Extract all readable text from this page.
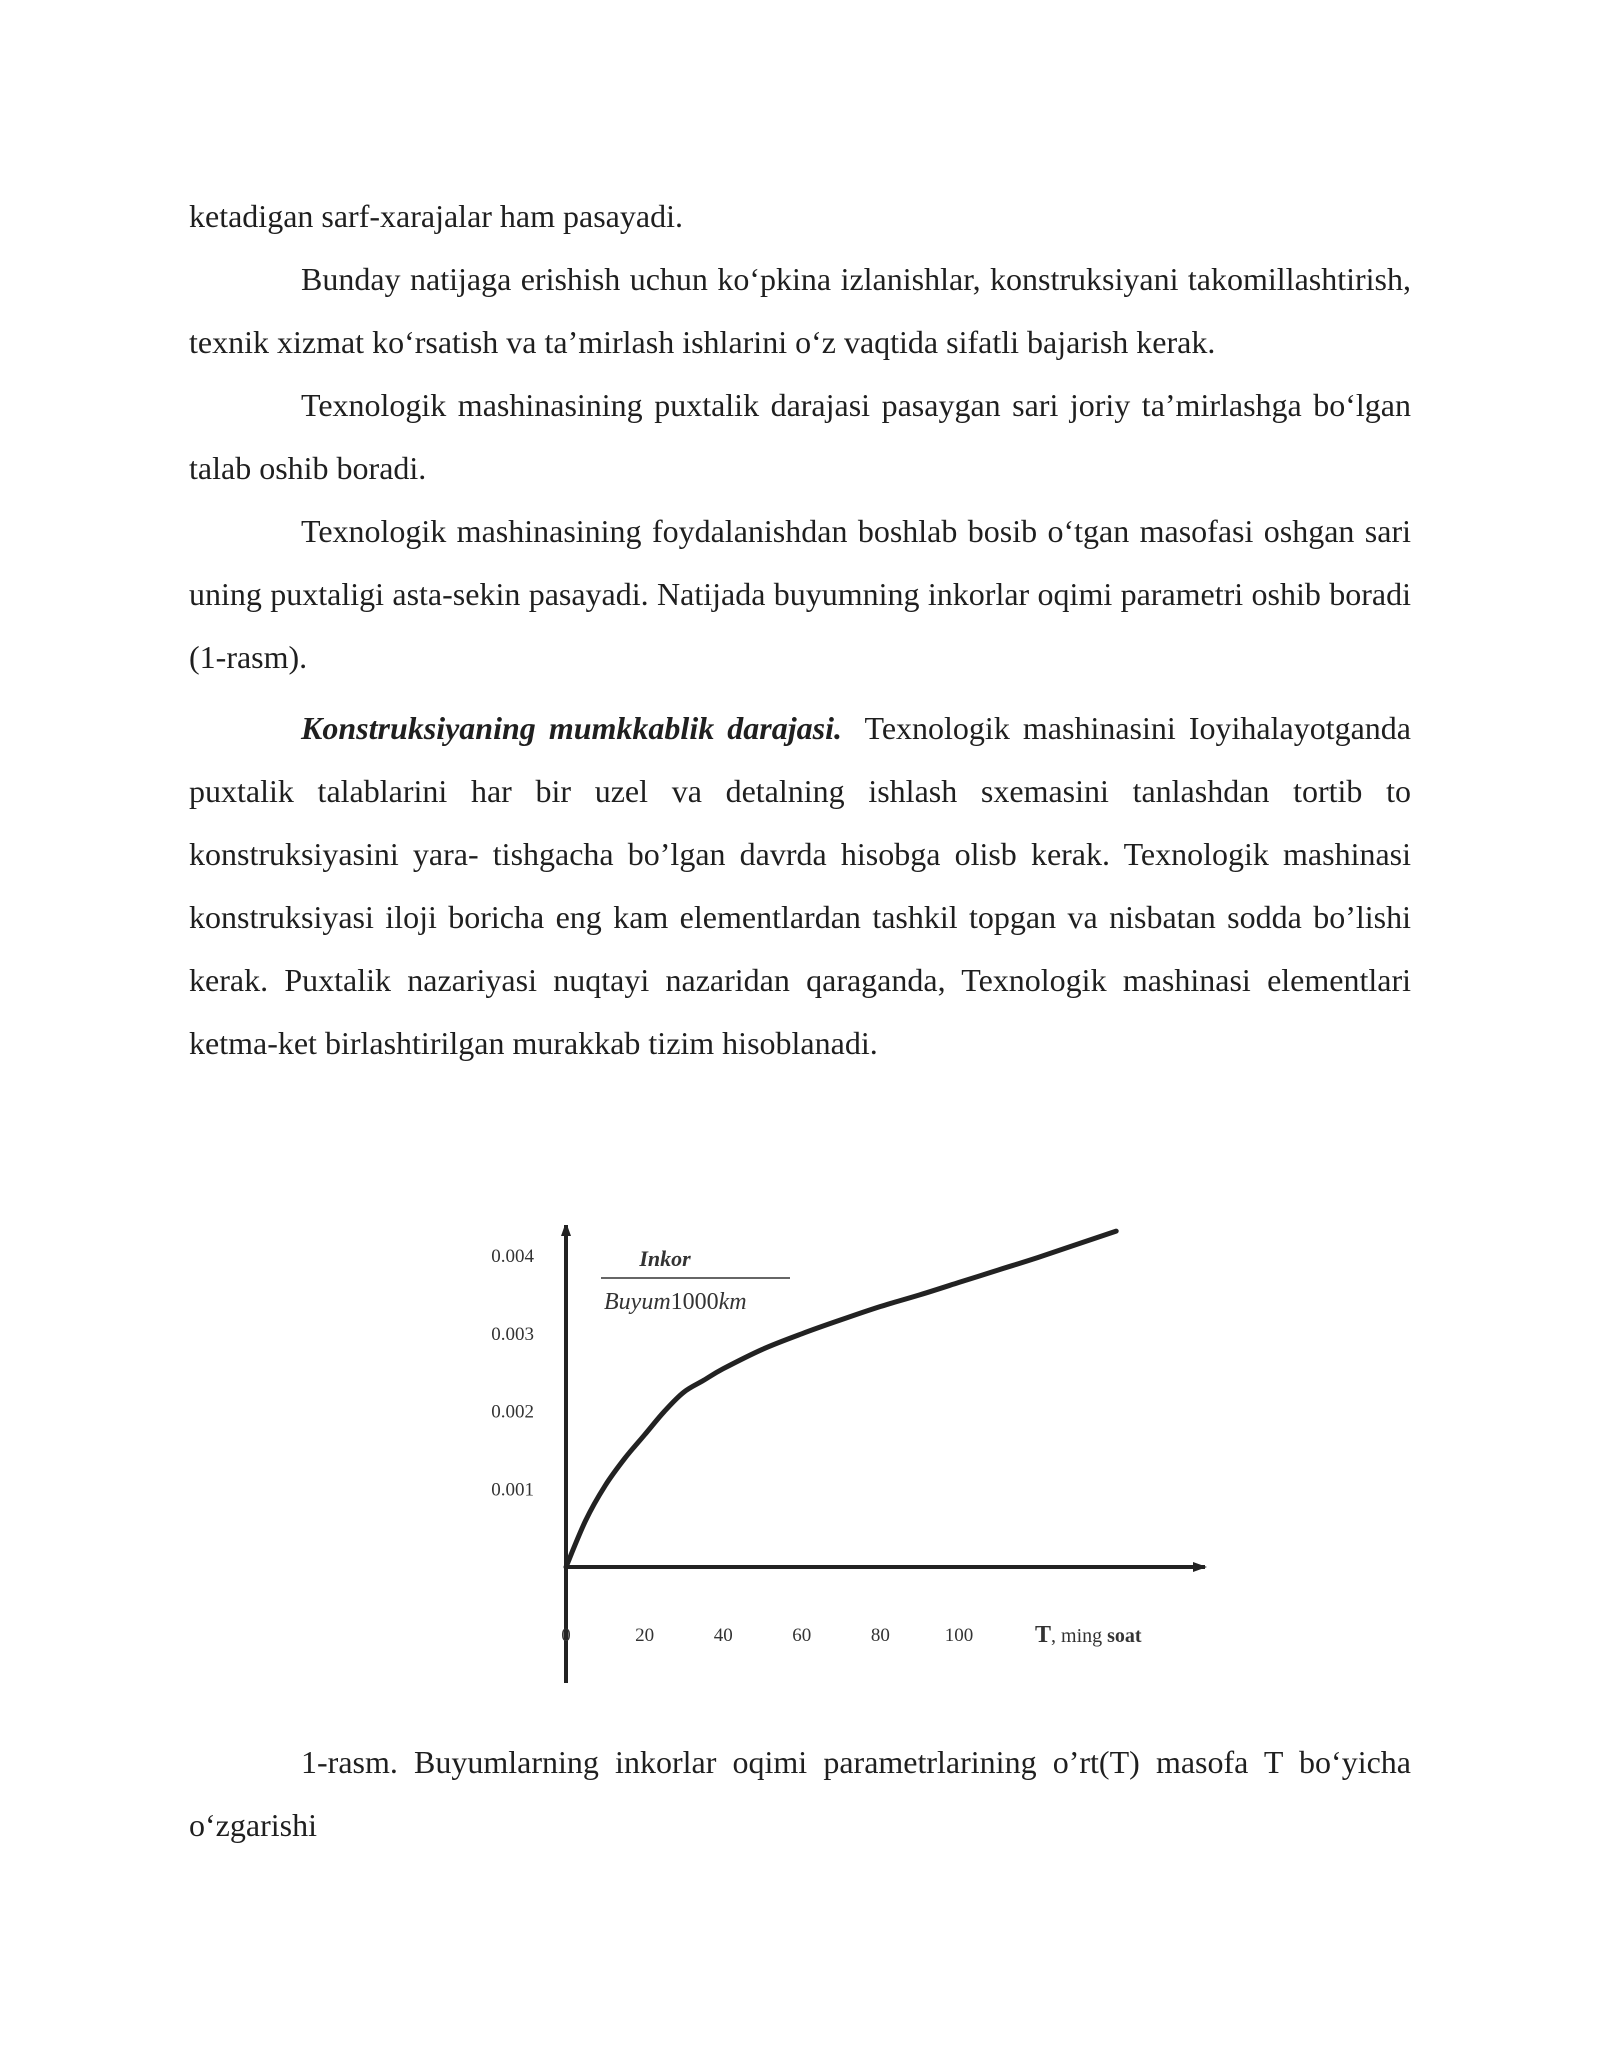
ketadigan sarf-xarajalar ham pasayadi.

Bunday natijaga erishish uchun ko‘pkina izlanishlar, konstruksiyani takomillashtirish, texnik xizmat ko‘rsatish va ta’mirlash ishlarini o‘z vaqtida sifatli bajarish kerak.

Texnologik mashinasining puxtalik darajasi pasaygan sari joriy ta’mirlashga bo‘lgan talab oshib boradi.

Texnologik mashinasining foydalanishdan boshlab bosib o‘tgan masofasi oshgan sari uning puxtaligi asta-sekin pasayadi. Natijada buyumning inkorlar oqimi parametri oshib boradi (1-rasm).

Konstruksiyaning mumkkablik darajasi. Texnologik mashinasini Ioyihalayotganda puxtalik talablarini har bir uzel va detalning ishlash sxemasini tanlashdan tortib to konstruksiyasini yara- tishgacha bo’lgan davrda hisobga olisb kerak. Texnologik mashinasi konstruksiyasi iloji boricha eng kam elementlardan tashkil topgan va nisbatan sodda bo’lishi kerak. Puxtalik nazariyasi nuqtayi nazaridan qaraganda, Texnologik mashinasi elementlari ketma-ket birlashtirilgan murakkab tizim hisoblanadi.

Inkor
Buyum1000km
0.001
0.002
0.003
0.004
0	20	40	60	80	100	T, ming soat

1-rasm. Buyumlarning inkorlar oqimi parametrlarining o’rt(T) masofa T bo‘yicha o‘zgarishi
